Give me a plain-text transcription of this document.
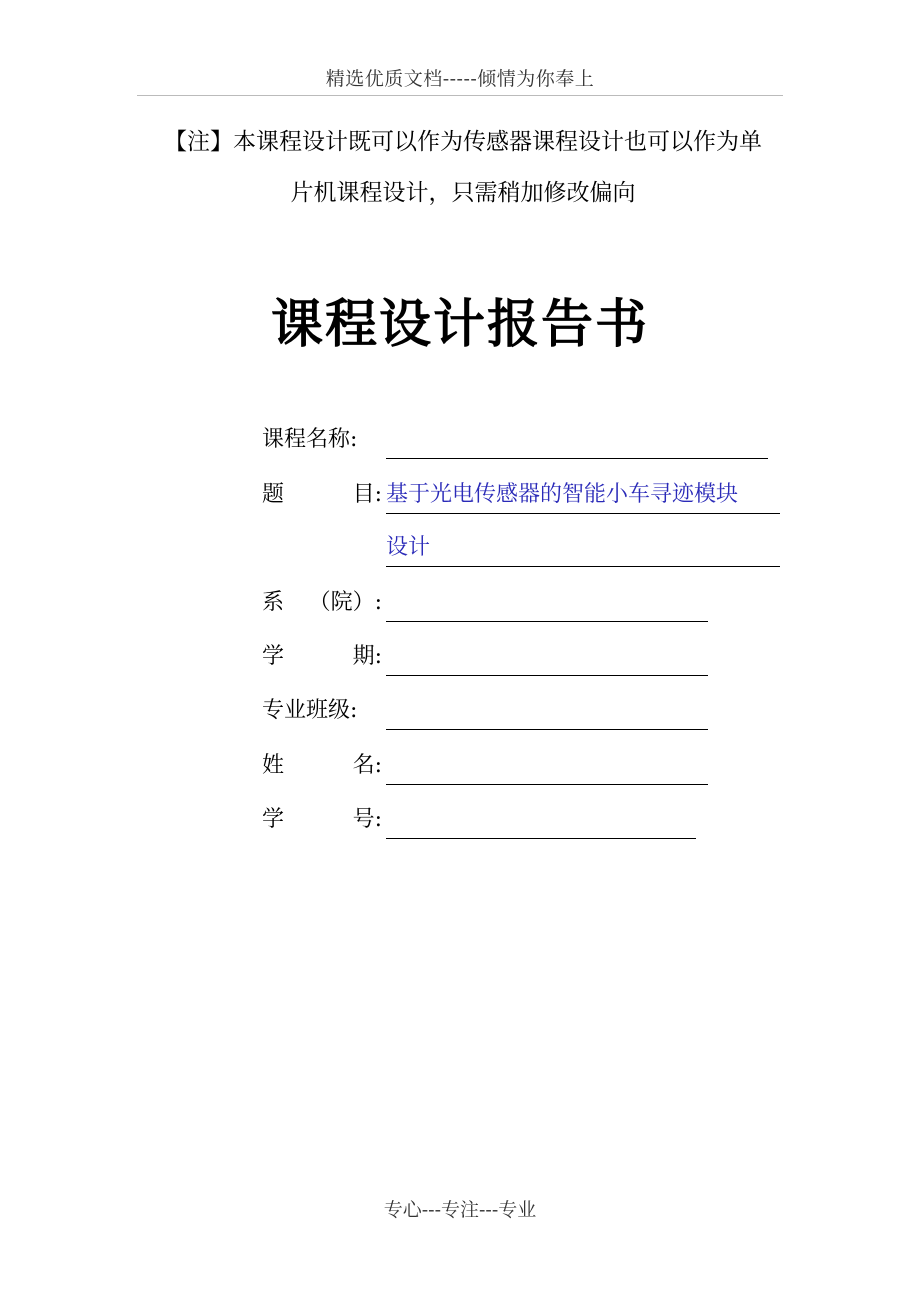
精选优质文档-----倾情为你奉上
【注】本课程设计既可以作为传感器课程设计也可以作为单
片机课程设计，只需稍加修改偏向
课程设计报告书
课程名称:
题	目: 基于光电传感器的智能小车寻迹模块
设计
系 （院）:
学	期:
专业班级:
姓	名:
学	号:
专心---专注---专业
